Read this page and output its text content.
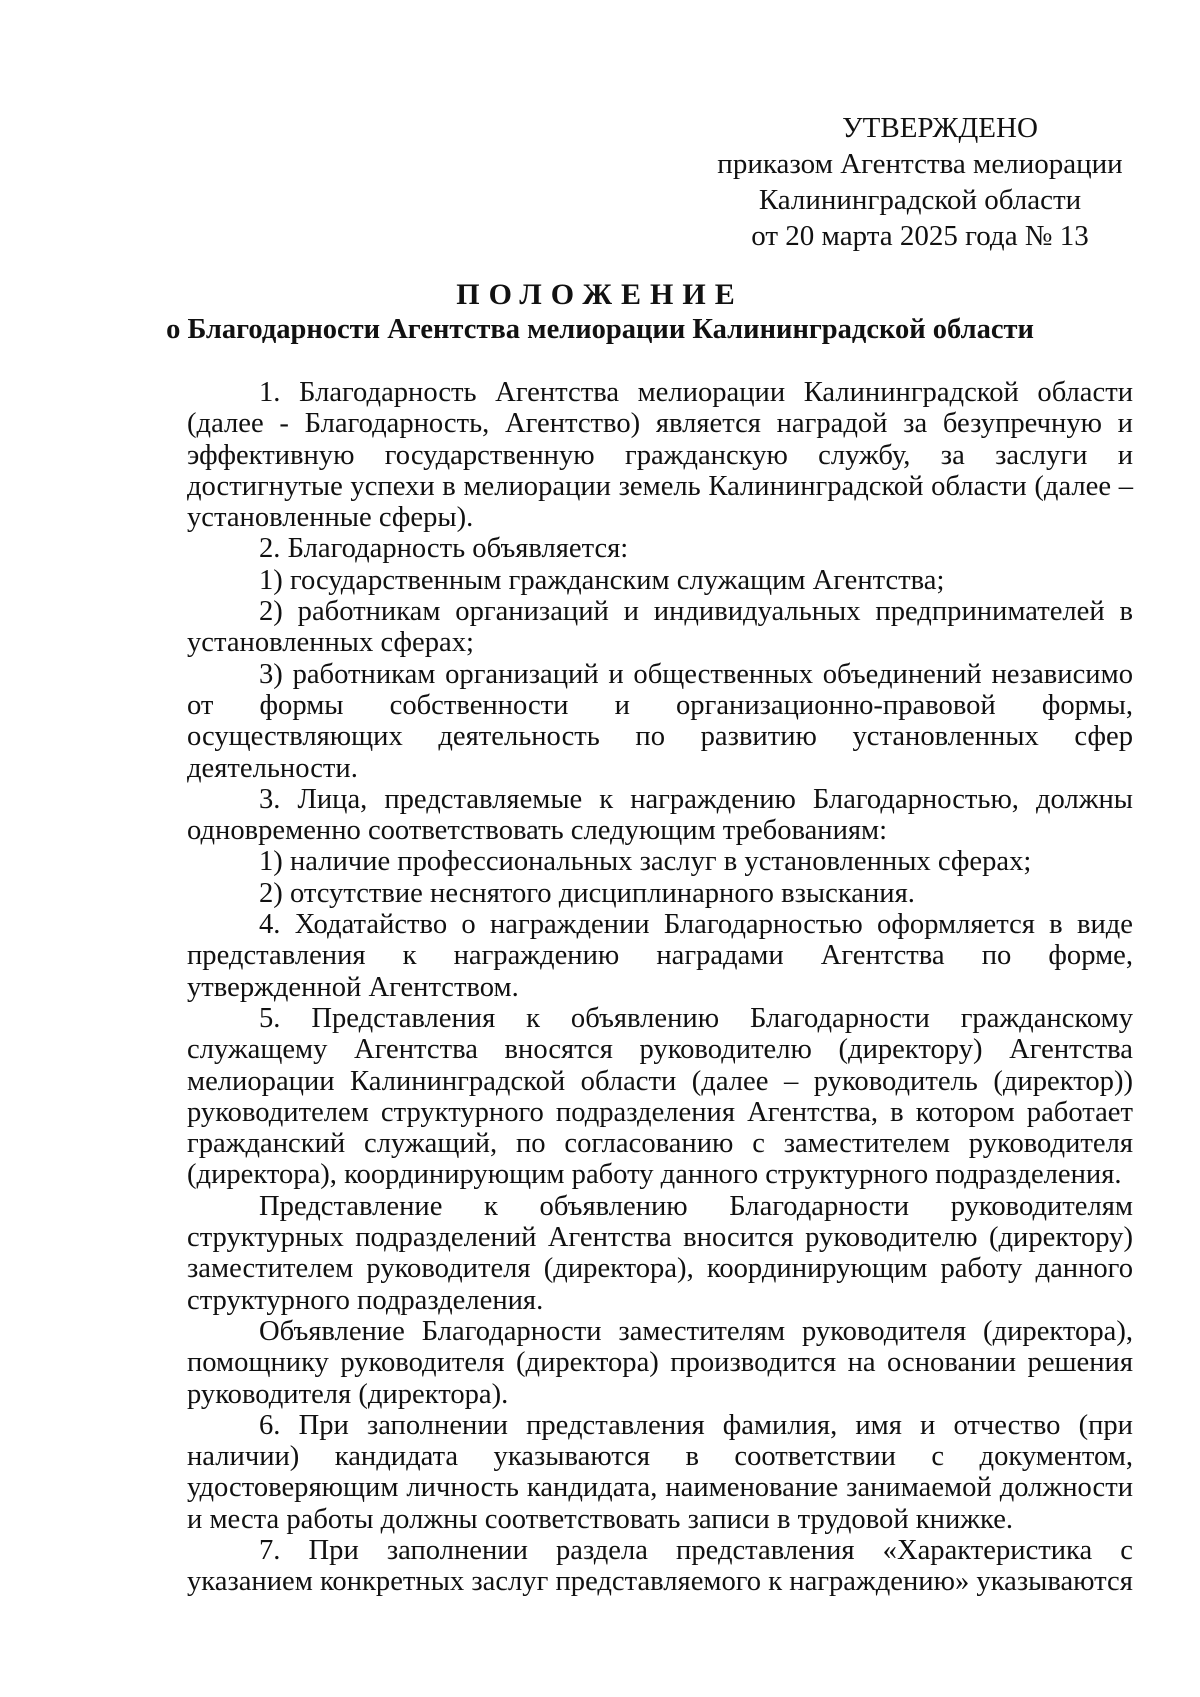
УТВЕРЖДЕНО
приказом Агентства мелиорации
Калининградской области
от 20 марта 2025 года № 13
ПОЛОЖЕНИЕ
о Благодарности Агентства мелиорации Калининградской области

1. Благодарность Агентства мелиорации Калининградской области (далее - Благодарность, Агентство) является наградой за безупречную и эффективную государственную гражданскую службу, за заслуги и достигнутые успехи в мелиорации земель Калининградской области (далее – установленные сферы).

2. Благодарность объявляется:

1) государственным гражданским служащим Агентства;

2) работникам организаций и индивидуальных предпринимателей в установленных сферах;

3) работникам организаций и общественных объединений независимо от формы собственности и организационно-правовой формы, осуществляющих деятельность по развитию установленных сфер деятельности.

3. Лица, представляемые к награждению Благодарностью, должны одновременно соответствовать следующим требованиям:

1) наличие профессиональных заслуг в установленных сферах;

2) отсутствие неснятого дисциплинарного взыскания.

4. Ходатайство о награждении Благодарностью оформляется в виде представления к награждению наградами Агентства по форме, утвержденной Агентством.

5. Представления к объявлению Благодарности гражданскому служащему Агентства вносятся руководителю (директору) Агентства мелиорации Калининградской области (далее – руководитель (директор)) руководителем структурного подразделения Агентства, в котором работает гражданский служащий, по согласованию с заместителем руководителя (директора), координирующим работу данного структурного подразделения.

Представление к объявлению Благодарности руководителям структурных подразделений Агентства вносится руководителю (директору) заместителем руководителя (директора), координирующим работу данного структурного подразделения.

Объявление Благодарности заместителям руководителя (директора), помощнику руководителя (директора) производится на основании решения руководителя (директора).

6. При заполнении представления фамилия, имя и отчество (при наличии) кандидата указываются в соответствии с документом, удостоверяющим личность кандидата, наименование занимаемой должности и места работы должны соответствовать записи в трудовой книжке.

7. При заполнении раздела представления «Характеристика с указанием конкретных заслуг представляемого к награждению» указываются
